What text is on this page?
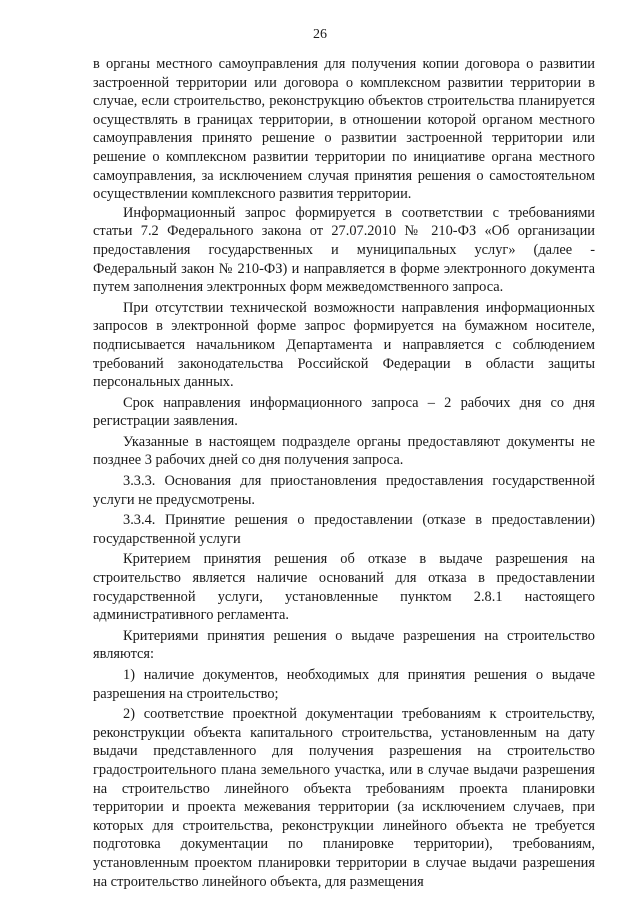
26

в органы местного самоуправления для получения копии договора о развитии застроенной территории или договора о комплексном развитии территории в случае, если строительство, реконструкцию объектов строительства планируется осуществлять в границах территории, в отношении которой органом местного самоуправления принято решение о развитии застроенной территории или решение о комплексном развитии территории по инициативе органа местного самоуправления, за исключением случая принятия решения о самостоятельном осуществлении комплексного развития территории.

Информационный запрос формируется в соответствии с требованиями статьи 7.2 Федерального закона от 27.07.2010 № 210-ФЗ «Об организации предоставления государственных и муниципальных услуг» (далее - Федеральный закон № 210-ФЗ) и направляется в форме электронного документа путем заполнения электронных форм межведомственного запроса.

При отсутствии технической возможности направления информационных запросов в электронной форме запрос формируется на бумажном носителе, подписывается начальником Департамента и направляется с соблюдением требований законодательства Российской Федерации в области защиты персональных данных.

Срок направления информационного запроса – 2 рабочих дня со дня регистрации заявления.

Указанные в настоящем подразделе органы предоставляют документы не позднее 3 рабочих дней со дня получения запроса.

3.3.3. Основания для приостановления предоставления государственной услуги не предусмотрены.

3.3.4. Принятие решения о предоставлении (отказе в предоставлении) государственной услуги

Критерием принятия решения об отказе в выдаче разрешения на строительство является наличие оснований для отказа в предоставлении государственной услуги, установленные пунктом 2.8.1 настоящего административного регламента.

Критериями принятия решения о выдаче разрешения на строительство являются:

1) наличие документов, необходимых для принятия решения о выдаче разрешения на строительство;

2) соответствие проектной документации требованиям к строительству, реконструкции объекта капитального строительства, установленным на дату выдачи представленного для получения разрешения на строительство градостроительного плана земельного участка, или в случае выдачи разрешения на строительство линейного объекта требованиям проекта планировки территории и проекта межевания территории (за исключением случаев, при которых для строительства, реконструкции линейного объекта не требуется подготовка документации по планировке территории), требованиям, установленным проектом планировки территории в случае выдачи разрешения на строительство линейного объекта, для размещения
